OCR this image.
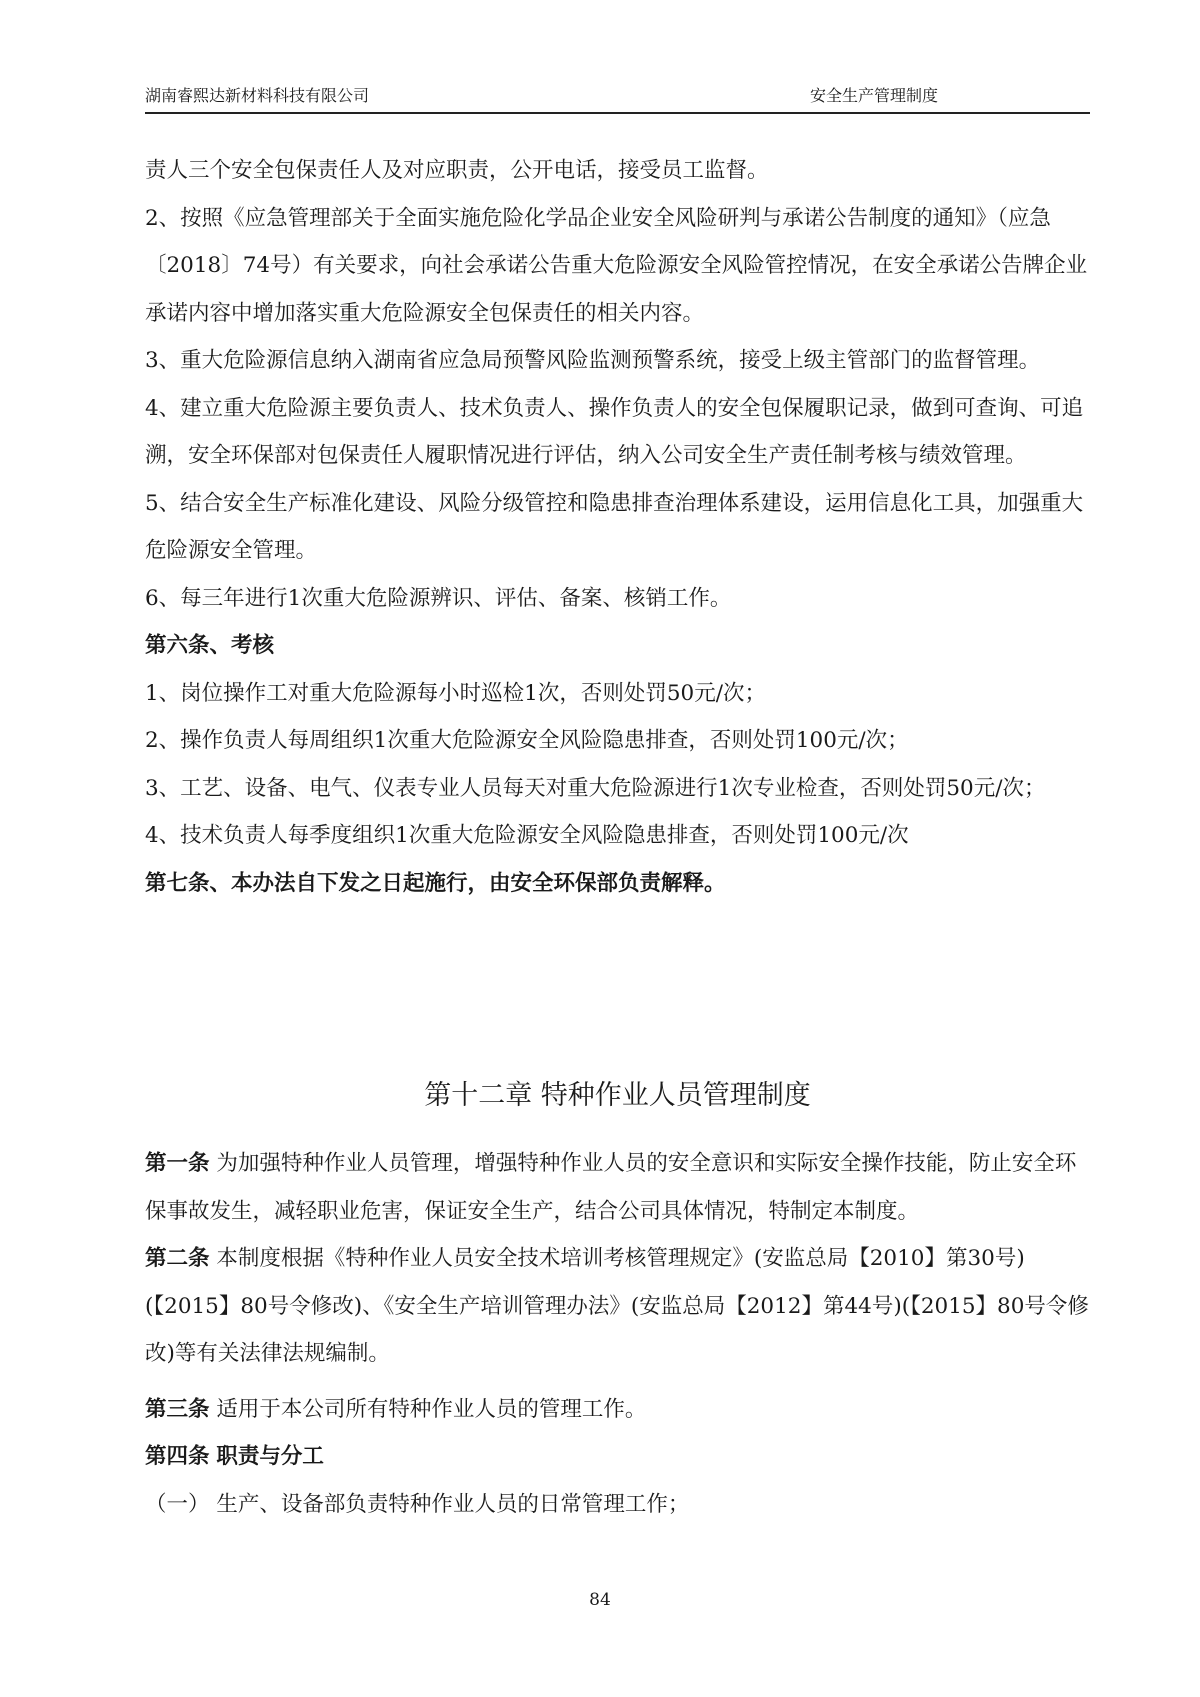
湖南睿熙达新材料科技有限公司	安全生产管理制度

责人三个安全包保责任人及对应职责，公开电话，接受员工监督。

2、按照《应急管理部关于全面实施危险化学品企业安全风险研判与承诺公告制度的通知》（应急〔2018〕74号）有关要求，向社会承诺公告重大危险源安全风险管控情况，在安全承诺公告牌企业承诺内容中增加落实重大危险源安全包保责任的相关内容。

3、重大危险源信息纳入湖南省应急局预警风险监测预警系统，接受上级主管部门的监督管理。

4、建立重大危险源主要负责人、技术负责人、操作负责人的安全包保履职记录，做到可查询、可追溯，安全环保部对包保责任人履职情况进行评估，纳入公司安全生产责任制考核与绩效管理。

5、结合安全生产标准化建设、风险分级管控和隐患排查治理体系建设，运用信息化工具，加强重大危险源安全管理。

6、每三年进行1次重大危险源辨识、评估、备案、核销工作。

第六条、考核

1、岗位操作工对重大危险源每小时巡检1次，否则处罚50元/次；

2、操作负责人每周组织1次重大危险源安全风险隐患排查，否则处罚100元/次；

3、工艺、设备、电气、仪表专业人员每天对重大危险源进行1次专业检查，否则处罚50元/次；

4、技术负责人每季度组织1次重大危险源安全风险隐患排查，否则处罚100元/次

第七条、本办法自下发之日起施行，由安全环保部负责解释。

第十二章 特种作业人员管理制度

第一条 为加强特种作业人员管理，增强特种作业人员的安全意识和实际安全操作技能，防止安全环保事故发生，减轻职业危害，保证安全生产，结合公司具体情况，特制定本制度。

第二条 本制度根据《特种作业人员安全技术培训考核管理规定》(安监总局【2010】第30号)(【2015】80号令修改)、《安全生产培训管理办法》(安监总局【2012】第44号)(【2015】80号令修改)等有关法律法规编制。

第三条 适用于本公司所有特种作业人员的管理工作。

第四条 职责与分工

（一） 生产、设备部负责特种作业人员的日常管理工作；

84
